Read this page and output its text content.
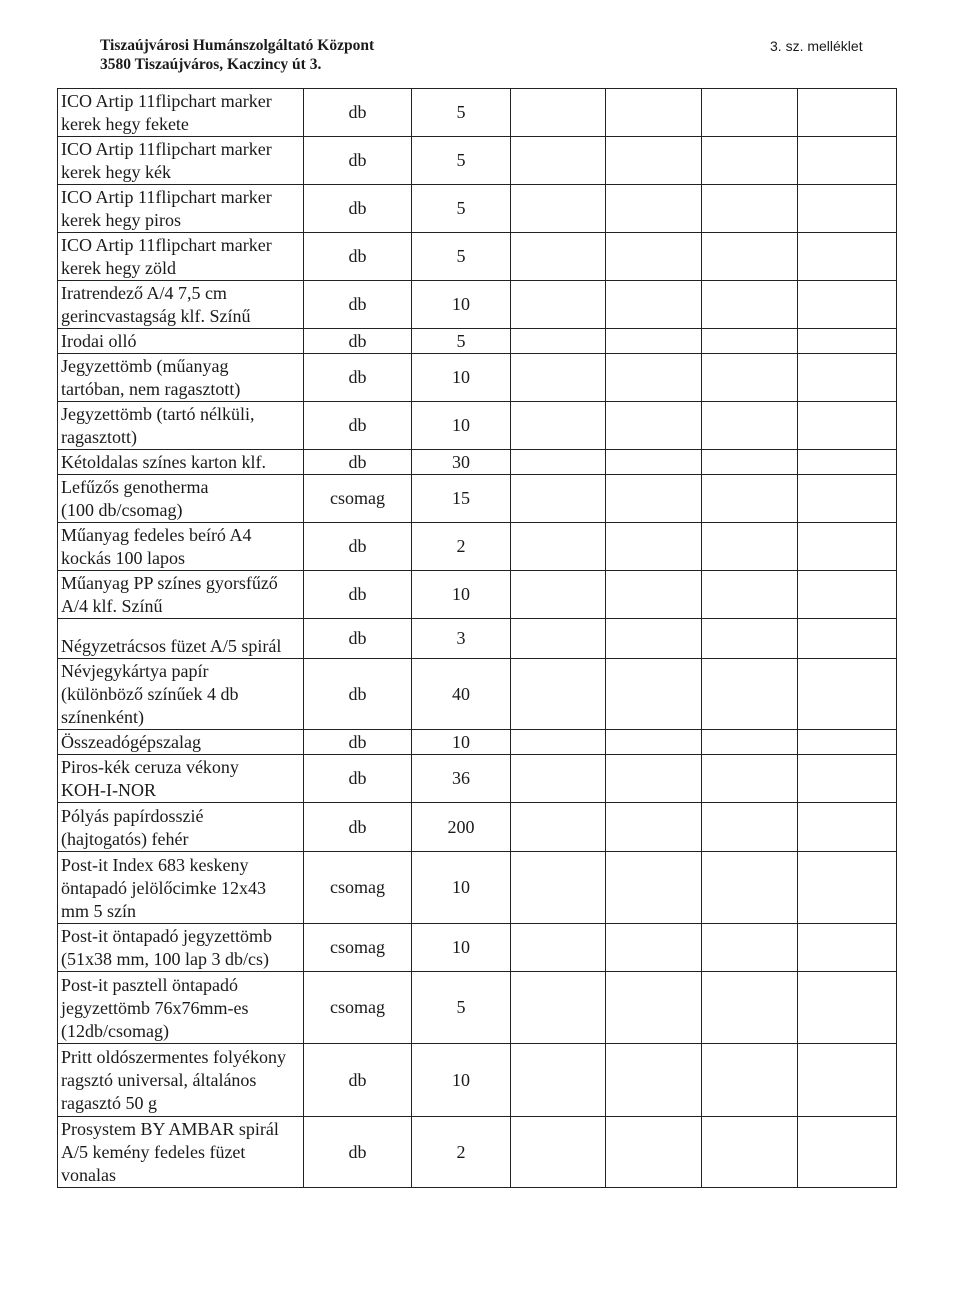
Tiszaújvárosi Humánszolgáltató Központ
3580 Tiszaújváros, Kaczincy út 3.
3. sz. melléklet
ICO Artip 11flipchart marker
kerek hegy fekete	db	5				
ICO Artip 11flipchart marker
kerek hegy kék	db	5				
ICO Artip 11flipchart marker
kerek hegy piros	db	5				
ICO Artip 11flipchart marker
kerek hegy zöld	db	5				
Iratrendező A/4 7,5 cm
gerincvastagság klf. Színű	db	10				
Irodai olló	db	5				
Jegyzettömb (műanyag
tartóban, nem ragasztott)	db	10				
Jegyzettömb (tartó nélküli,
ragasztott)	db	10				
Kétoldalas színes karton klf.	db	30				
Lefűzős genotherma
(100 db/csomag)	csomag	15				
Műanyag fedeles beíró A4
kockás 100 lapos	db	2				
Műanyag PP színes gyorsfűző
A/4 klf. Színű	db	10				
Négyzetrácsos füzet A/5 spirál	db	3				
Névjegykártya papír
(különböző színűek 4 db
színenként)	db	40				
Összeadógépszalag	db	10				
Piros-kék ceruza vékony
KOH-I-NOR	db	36				
Pólyás papírdosszié
(hajtogatós) fehér	db	200				
Post-it Index 683 keskeny
öntapadó jelölőcimke 12x43
mm 5 szín	csomag	10				
Post-it öntapadó jegyzettömb
(51x38 mm, 100 lap 3 db/cs)	csomag	10				
Post-it pasztell öntapadó
jegyzettömb 76x76mm-es
(12db/csomag)	csomag	5				
Pritt oldószermentes folyékony
ragsztó universal, általános
ragasztó 50 g	db	10				
Prosystem BY AMBAR spirál
A/5 kemény fedeles füzet
vonalas	db	2				
